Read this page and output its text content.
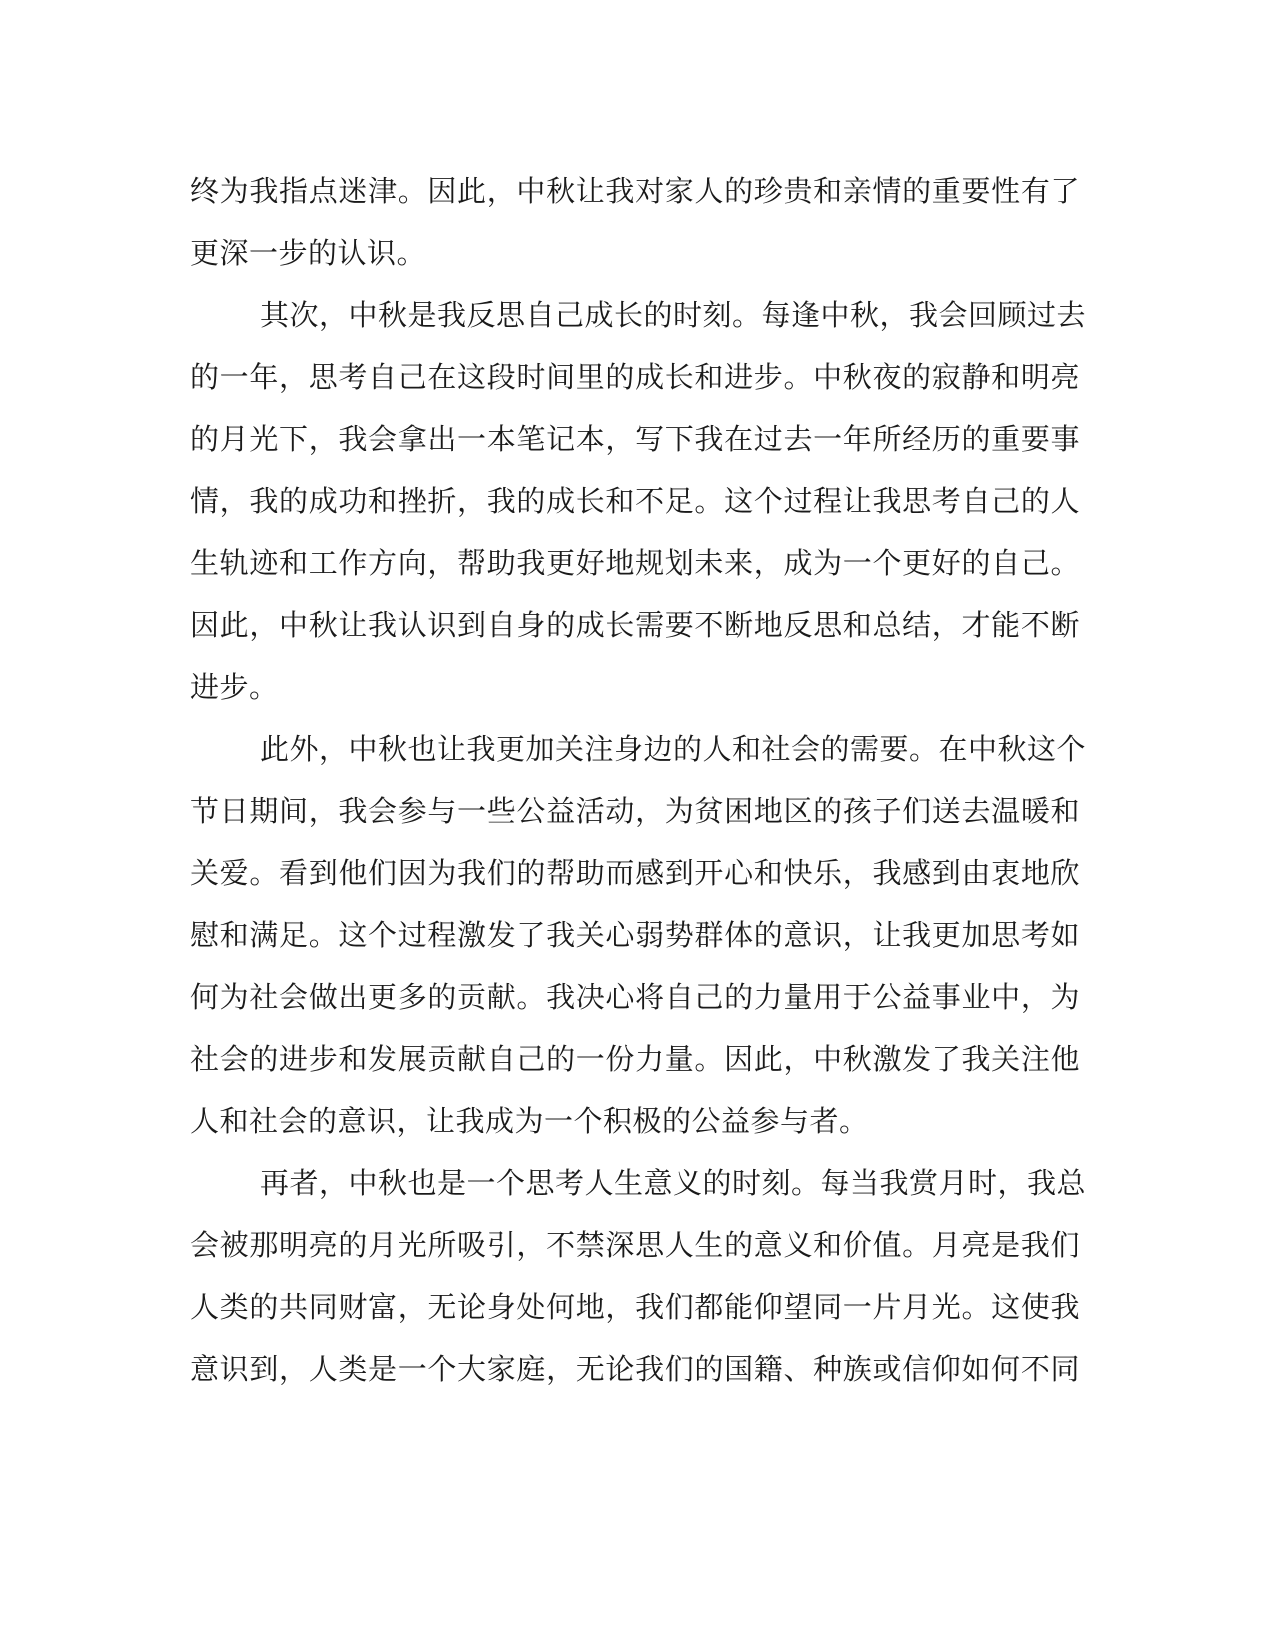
终为我指点迷津。因此，中秋让我对家人的珍贵和亲情的重要性有了
更深一步的认识。
其次，中秋是我反思自己成长的时刻。每逢中秋，我会回顾过去
的一年，思考自己在这段时间里的成长和进步。中秋夜的寂静和明亮
的月光下，我会拿出一本笔记本，写下我在过去一年所经历的重要事
情，我的成功和挫折，我的成长和不足。这个过程让我思考自己的人
生轨迹和工作方向，帮助我更好地规划未来，成为一个更好的自己。
因此，中秋让我认识到自身的成长需要不断地反思和总结，才能不断
进步。
此外，中秋也让我更加关注身边的人和社会的需要。在中秋这个
节日期间，我会参与一些公益活动，为贫困地区的孩子们送去温暖和
关爱。看到他们因为我们的帮助而感到开心和快乐，我感到由衷地欣
慰和满足。这个过程激发了我关心弱势群体的意识，让我更加思考如
何为社会做出更多的贡献。我决心将自己的力量用于公益事业中，为
社会的进步和发展贡献自己的一份力量。因此，中秋激发了我关注他
人和社会的意识，让我成为一个积极的公益参与者。
再者，中秋也是一个思考人生意义的时刻。每当我赏月时，我总
会被那明亮的月光所吸引，不禁深思人生的意义和价值。月亮是我们
人类的共同财富，无论身处何地，我们都能仰望同一片月光。这使我
意识到，人类是一个大家庭，无论我们的国籍、种族或信仰如何不同
